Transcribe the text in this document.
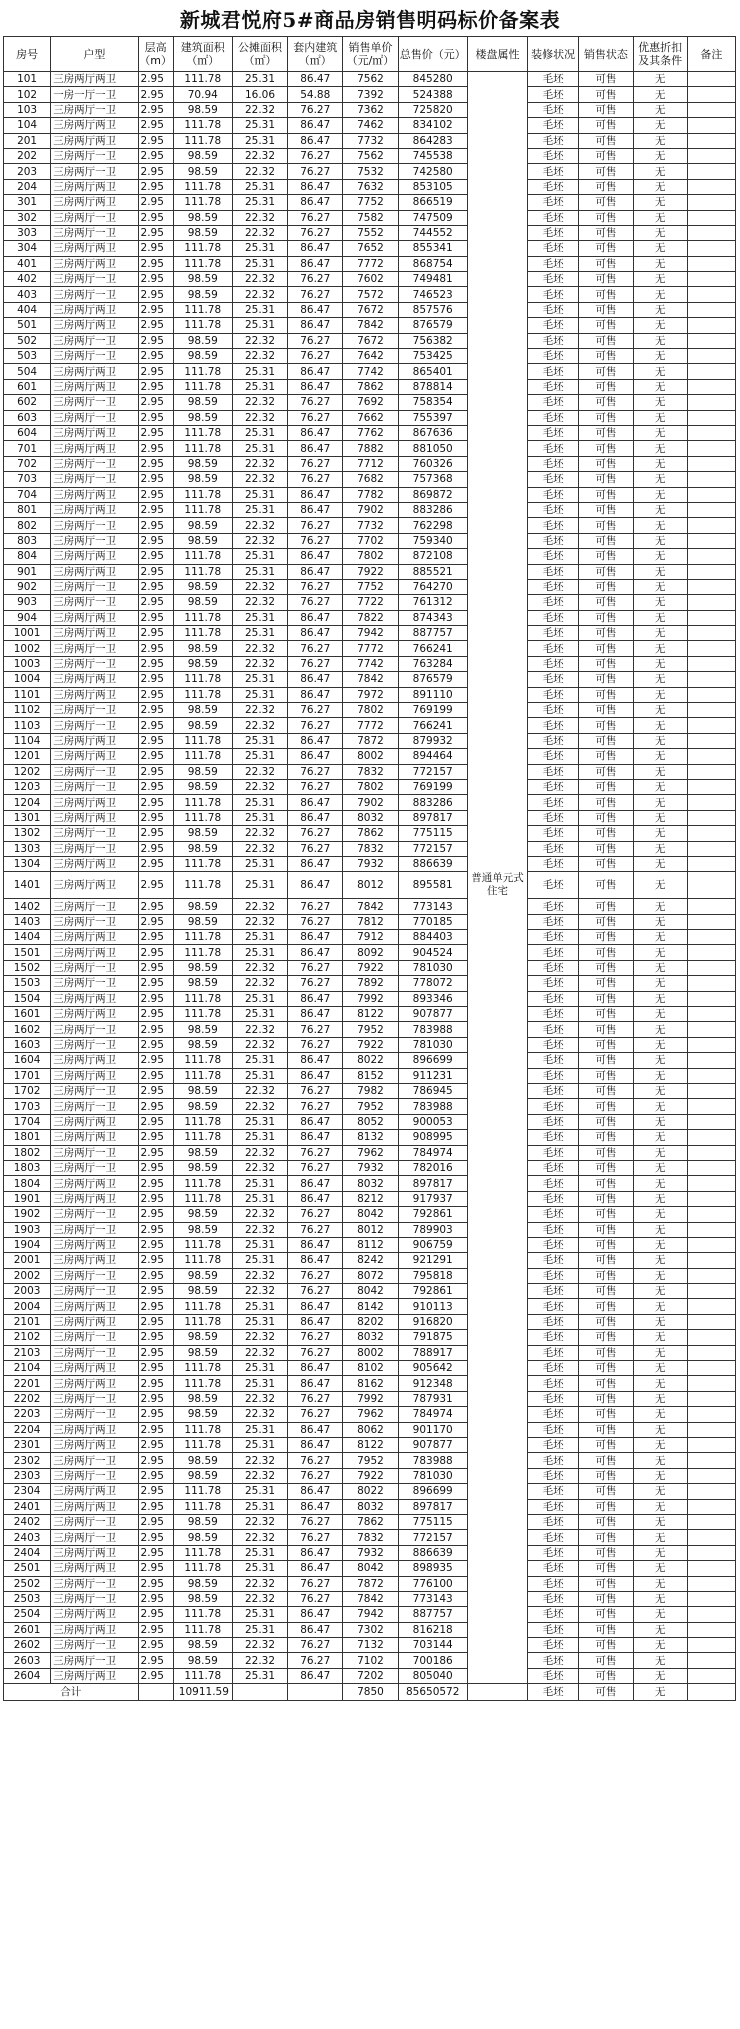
新城君悦府5#商品房销售明码标价备案表
房号	户型	层高（m）	建筑面积（㎡）	公摊面积（㎡）	套内建筑（㎡）	销售单价（元/㎡）	总售价（元）	楼盘属性	装修状况	销售状态	优惠折扣及其条件	备注
101	三房两厅两卫	2.95	111.78	25.31	86.47	7562	845280		毛坯	可售	无	
102	一房一厅一卫	2.95	70.94	16.06	54.88	7392	524388		毛坯	可售	无	
103	三房两厅一卫	2.95	98.59	22.32	76.27	7362	725820		毛坯	可售	无	
104	三房两厅两卫	2.95	111.78	25.31	86.47	7462	834102		毛坯	可售	无	
201	三房两厅两卫	2.95	111.78	25.31	86.47	7732	864283		毛坯	可售	无	
202	三房两厅一卫	2.95	98.59	22.32	76.27	7562	745538		毛坯	可售	无	
203	三房两厅一卫	2.95	98.59	22.32	76.27	7532	742580		毛坯	可售	无	
204	三房两厅两卫	2.95	111.78	25.31	86.47	7632	853105		毛坯	可售	无	
301	三房两厅两卫	2.95	111.78	25.31	86.47	7752	866519		毛坯	可售	无	
302	三房两厅一卫	2.95	98.59	22.32	76.27	7582	747509		毛坯	可售	无	
303	三房两厅一卫	2.95	98.59	22.32	76.27	7552	744552		毛坯	可售	无	
304	三房两厅两卫	2.95	111.78	25.31	86.47	7652	855341		毛坯	可售	无	
401	三房两厅两卫	2.95	111.78	25.31	86.47	7772	868754		毛坯	可售	无	
402	三房两厅一卫	2.95	98.59	22.32	76.27	7602	749481		毛坯	可售	无	
403	三房两厅一卫	2.95	98.59	22.32	76.27	7572	746523		毛坯	可售	无	
404	三房两厅两卫	2.95	111.78	25.31	86.47	7672	857576		毛坯	可售	无	
501	三房两厅两卫	2.95	111.78	25.31	86.47	7842	876579		毛坯	可售	无	
502	三房两厅一卫	2.95	98.59	22.32	76.27	7672	756382		毛坯	可售	无	
503	三房两厅一卫	2.95	98.59	22.32	76.27	7642	753425		毛坯	可售	无	
504	三房两厅两卫	2.95	111.78	25.31	86.47	7742	865401		毛坯	可售	无	
601	三房两厅两卫	2.95	111.78	25.31	86.47	7862	878814		毛坯	可售	无	
602	三房两厅一卫	2.95	98.59	22.32	76.27	7692	758354		毛坯	可售	无	
603	三房两厅一卫	2.95	98.59	22.32	76.27	7662	755397		毛坯	可售	无	
604	三房两厅两卫	2.95	111.78	25.31	86.47	7762	867636		毛坯	可售	无	
701	三房两厅两卫	2.95	111.78	25.31	86.47	7882	881050		毛坯	可售	无	
702	三房两厅一卫	2.95	98.59	22.32	76.27	7712	760326		毛坯	可售	无	
703	三房两厅一卫	2.95	98.59	22.32	76.27	7682	757368		毛坯	可售	无	
704	三房两厅两卫	2.95	111.78	25.31	86.47	7782	869872		毛坯	可售	无	
801	三房两厅两卫	2.95	111.78	25.31	86.47	7902	883286		毛坯	可售	无	
802	三房两厅一卫	2.95	98.59	22.32	76.27	7732	762298		毛坯	可售	无	
803	三房两厅一卫	2.95	98.59	22.32	76.27	7702	759340		毛坯	可售	无	
804	三房两厅两卫	2.95	111.78	25.31	86.47	7802	872108		毛坯	可售	无	
901	三房两厅两卫	2.95	111.78	25.31	86.47	7922	885521		毛坯	可售	无	
902	三房两厅一卫	2.95	98.59	22.32	76.27	7752	764270		毛坯	可售	无	
903	三房两厅一卫	2.95	98.59	22.32	76.27	7722	761312		毛坯	可售	无	
904	三房两厅两卫	2.95	111.78	25.31	86.47	7822	874343		毛坯	可售	无	
1001	三房两厅两卫	2.95	111.78	25.31	86.47	7942	887757		毛坯	可售	无	
1002	三房两厅一卫	2.95	98.59	22.32	76.27	7772	766241		毛坯	可售	无	
1003	三房两厅一卫	2.95	98.59	22.32	76.27	7742	763284		毛坯	可售	无	
1004	三房两厅两卫	2.95	111.78	25.31	86.47	7842	876579		毛坯	可售	无	
1101	三房两厅两卫	2.95	111.78	25.31	86.47	7972	891110		毛坯	可售	无	
1102	三房两厅一卫	2.95	98.59	22.32	76.27	7802	769199		毛坯	可售	无	
1103	三房两厅一卫	2.95	98.59	22.32	76.27	7772	766241		毛坯	可售	无	
1104	三房两厅两卫	2.95	111.78	25.31	86.47	7872	879932		毛坯	可售	无	
1201	三房两厅两卫	2.95	111.78	25.31	86.47	8002	894464		毛坯	可售	无	
1202	三房两厅一卫	2.95	98.59	22.32	76.27	7832	772157		毛坯	可售	无	
1203	三房两厅一卫	2.95	98.59	22.32	76.27	7802	769199		毛坯	可售	无	
1204	三房两厅两卫	2.95	111.78	25.31	86.47	7902	883286		毛坯	可售	无	
1301	三房两厅两卫	2.95	111.78	25.31	86.47	8032	897817		毛坯	可售	无	
1302	三房两厅一卫	2.95	98.59	22.32	76.27	7862	775115		毛坯	可售	无	
1303	三房两厅一卫	2.95	98.59	22.32	76.27	7832	772157		毛坯	可售	无	
1304	三房两厅两卫	2.95	111.78	25.31	86.47	7932	886639		毛坯	可售	无	
1401	三房两厅两卫	2.95	111.78	25.31	86.47	8012	895581	普通单元式住宅	毛坯	可售	无	
1402	三房两厅一卫	2.95	98.59	22.32	76.27	7842	773143		毛坯	可售	无	
1403	三房两厅一卫	2.95	98.59	22.32	76.27	7812	770185		毛坯	可售	无	
1404	三房两厅两卫	2.95	111.78	25.31	86.47	7912	884403		毛坯	可售	无	
1501	三房两厅两卫	2.95	111.78	25.31	86.47	8092	904524		毛坯	可售	无	
1502	三房两厅一卫	2.95	98.59	22.32	76.27	7922	781030		毛坯	可售	无	
1503	三房两厅一卫	2.95	98.59	22.32	76.27	7892	778072		毛坯	可售	无	
1504	三房两厅两卫	2.95	111.78	25.31	86.47	7992	893346		毛坯	可售	无	
1601	三房两厅两卫	2.95	111.78	25.31	86.47	8122	907877		毛坯	可售	无	
1602	三房两厅一卫	2.95	98.59	22.32	76.27	7952	783988		毛坯	可售	无	
1603	三房两厅一卫	2.95	98.59	22.32	76.27	7922	781030		毛坯	可售	无	
1604	三房两厅两卫	2.95	111.78	25.31	86.47	8022	896699		毛坯	可售	无	
1701	三房两厅两卫	2.95	111.78	25.31	86.47	8152	911231		毛坯	可售	无	
1702	三房两厅一卫	2.95	98.59	22.32	76.27	7982	786945		毛坯	可售	无	
1703	三房两厅一卫	2.95	98.59	22.32	76.27	7952	783988		毛坯	可售	无	
1704	三房两厅两卫	2.95	111.78	25.31	86.47	8052	900053		毛坯	可售	无	
1801	三房两厅两卫	2.95	111.78	25.31	86.47	8132	908995		毛坯	可售	无	
1802	三房两厅一卫	2.95	98.59	22.32	76.27	7962	784974		毛坯	可售	无	
1803	三房两厅一卫	2.95	98.59	22.32	76.27	7932	782016		毛坯	可售	无	
1804	三房两厅两卫	2.95	111.78	25.31	86.47	8032	897817		毛坯	可售	无	
1901	三房两厅两卫	2.95	111.78	25.31	86.47	8212	917937		毛坯	可售	无	
1902	三房两厅一卫	2.95	98.59	22.32	76.27	8042	792861		毛坯	可售	无	
1903	三房两厅一卫	2.95	98.59	22.32	76.27	8012	789903		毛坯	可售	无	
1904	三房两厅两卫	2.95	111.78	25.31	86.47	8112	906759		毛坯	可售	无	
2001	三房两厅两卫	2.95	111.78	25.31	86.47	8242	921291		毛坯	可售	无	
2002	三房两厅一卫	2.95	98.59	22.32	76.27	8072	795818		毛坯	可售	无	
2003	三房两厅一卫	2.95	98.59	22.32	76.27	8042	792861		毛坯	可售	无	
2004	三房两厅两卫	2.95	111.78	25.31	86.47	8142	910113		毛坯	可售	无	
2101	三房两厅两卫	2.95	111.78	25.31	86.47	8202	916820		毛坯	可售	无	
2102	三房两厅一卫	2.95	98.59	22.32	76.27	8032	791875		毛坯	可售	无	
2103	三房两厅一卫	2.95	98.59	22.32	76.27	8002	788917		毛坯	可售	无	
2104	三房两厅两卫	2.95	111.78	25.31	86.47	8102	905642		毛坯	可售	无	
2201	三房两厅两卫	2.95	111.78	25.31	86.47	8162	912348		毛坯	可售	无	
2202	三房两厅一卫	2.95	98.59	22.32	76.27	7992	787931		毛坯	可售	无	
2203	三房两厅一卫	2.95	98.59	22.32	76.27	7962	784974		毛坯	可售	无	
2204	三房两厅两卫	2.95	111.78	25.31	86.47	8062	901170		毛坯	可售	无	
2301	三房两厅两卫	2.95	111.78	25.31	86.47	8122	907877		毛坯	可售	无	
2302	三房两厅一卫	2.95	98.59	22.32	76.27	7952	783988		毛坯	可售	无	
2303	三房两厅一卫	2.95	98.59	22.32	76.27	7922	781030		毛坯	可售	无	
2304	三房两厅两卫	2.95	111.78	25.31	86.47	8022	896699		毛坯	可售	无	
2401	三房两厅两卫	2.95	111.78	25.31	86.47	8032	897817		毛坯	可售	无	
2402	三房两厅一卫	2.95	98.59	22.32	76.27	7862	775115		毛坯	可售	无	
2403	三房两厅一卫	2.95	98.59	22.32	76.27	7832	772157		毛坯	可售	无	
2404	三房两厅两卫	2.95	111.78	25.31	86.47	7932	886639		毛坯	可售	无	
2501	三房两厅两卫	2.95	111.78	25.31	86.47	8042	898935		毛坯	可售	无	
2502	三房两厅一卫	2.95	98.59	22.32	76.27	7872	776100		毛坯	可售	无	
2503	三房两厅一卫	2.95	98.59	22.32	76.27	7842	773143		毛坯	可售	无	
2504	三房两厅两卫	2.95	111.78	25.31	86.47	7942	887757		毛坯	可售	无	
2601	三房两厅两卫	2.95	111.78	25.31	86.47	7302	816218		毛坯	可售	无	
2602	三房两厅一卫	2.95	98.59	22.32	76.27	7132	703144		毛坯	可售	无	
2603	三房两厅一卫	2.95	98.59	22.32	76.27	7102	700186		毛坯	可售	无	
2604	三房两厅两卫	2.95	111.78	25.31	86.47	7202	805040		毛坯	可售	无	
合计			10911.59			7850	85650572		毛坯	可售	无	
